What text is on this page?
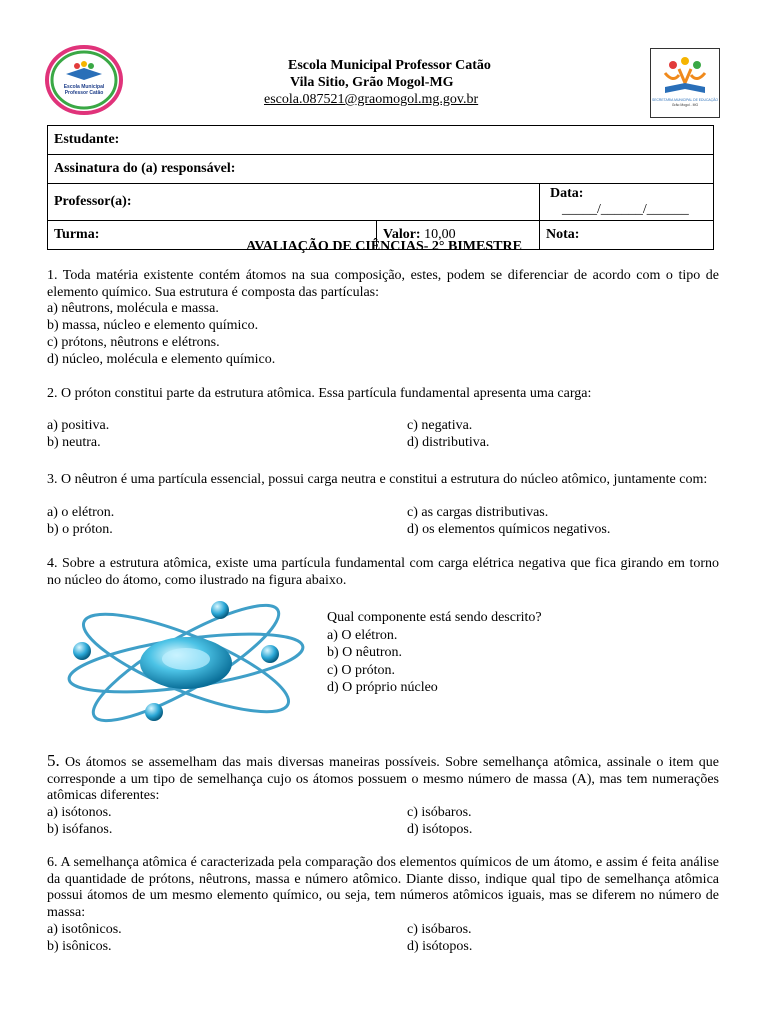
Escola Municipal
Professor Catão
Escola Municipal Professor Catão
Vila Sitio, Grão Mogol-MG
escola.087521@graomogol.mg.gov.br	SECRETARIA MUNICIPAL DE EDUCAÇÃO
Grão Mogol - MG
Estudante:		
Assinatura do (a) responsável:		
Professor(a):		Data: _____/______/______
Turma:	Valor: 10,00	Nota:
AVALIAÇÃO DE CIÊNCIAS- 2° BIMESTRE

1. Toda matéria existente contém átomos na sua composição, estes, podem se diferenciar de acordo com o tipo de elemento químico. Sua estrutura é composta das partículas:

a) nêutrons, molécula e massa.

b) massa, núcleo e elemento químico.

c) prótons, nêutrons e elétrons.

d) núcleo, molécula e elemento químico.

2. O próton constitui parte da estrutura atômica. Essa partícula fundamental apresenta uma carga:

a) positiva.	c) negativa.
b) neutra.	d) distributiva.

3. O nêutron é uma partícula essencial, possui carga neutra e constitui a estrutura do núcleo atômico, juntamente com:

a) o elétron.	c) as cargas distributivas.
b) o próton.	d) os elementos químicos negativos.

4. Sobre a estrutura atômica, existe uma partícula fundamental com carga elétrica negativa que fica girando em torno no núcleo do átomo, como ilustrado na figura abaixo.

Qual componente está sendo descrito?
a) O elétron.
b) O nêutron.
c) O próton.
d) O próprio núcleo

5. Os átomos se assemelham das mais diversas maneiras possíveis. Sobre semelhança atômica, assinale o item que corresponde a um tipo de semelhança cujo os átomos possuem o mesmo número de massa (A), mas tem numerações atômicas diferentes:

a) isótonos.	c) isóbaros.
b) isófanos.	d) isótopos.

6. A semelhança atômica é caracterizada pela comparação dos elementos químicos de um átomo, e assim é feita análise da quantidade de prótons, nêutrons, massa e número atômico. Diante disso, indique qual tipo de semelhança atômica possui átomos de um mesmo elemento químico, ou seja, tem números atômicos iguais, mas se diferem no número de massa:

a) isotônicos.	c) isóbaros.
b) isônicos.	d) isótopos.
